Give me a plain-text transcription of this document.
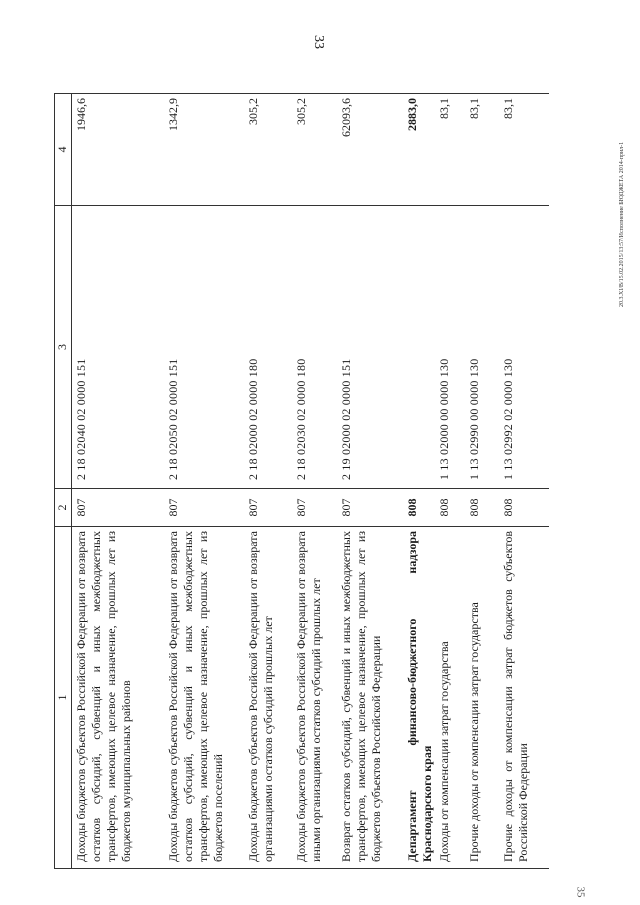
33
20.3.XI/В/15.02.2015/13:57/Исполнение БЮДЖЕТА 2014-прил-1
35
1	2	3	4
Доходы бюджетов субъектов Российской Федерации от возврата остатков субсидий, субвенций и иных межбюджетных трансфертов, имеющих целевое назначение, прошлых лет из бюджетов муниципальных районов	807	2 18 02040 02 0000 151	1946,6
Доходы бюджетов субъектов Российской Федерации от возврата остатков субсидий, субвенций и иных межбюджетных трансфертов, имеющих целевое назначение, прошлых лет из бюджетов поселений	807	2 18 02050 02 0000 151	1342,9
Доходы бюджетов субъектов Российской Федерации от возврата организациями остатков субсидий прошлых лет	807	2 18 02000 02 0000 180	305,2
Доходы бюджетов субъектов Российской Федерации от возврата иными организациями остатков субсидий прошлых лет	807	2 18 02030 02 0000 180	305,2
Возврат остатков субсидий, субвенций и иных межбюджетных трансфертов, имеющих целевое назначение, прошлых лет из бюджетов субъектов Российской Федерации	807	2 19 02000 02 0000 151	62093,6
Департамент финансово-бюджетного надзора Краснодарского края	808		2883,0
Доходы от компенсации затрат государства	808	1 13 02000 00 0000 130	83,1
Прочие доходы от компенсации затрат государства	808	1 13 02990 00 0000 130	83,1
Прочие доходы от компенсации затрат бюджетов субъектов Российской Федерации	808	1 13 02992 02 0000 130	83,1
